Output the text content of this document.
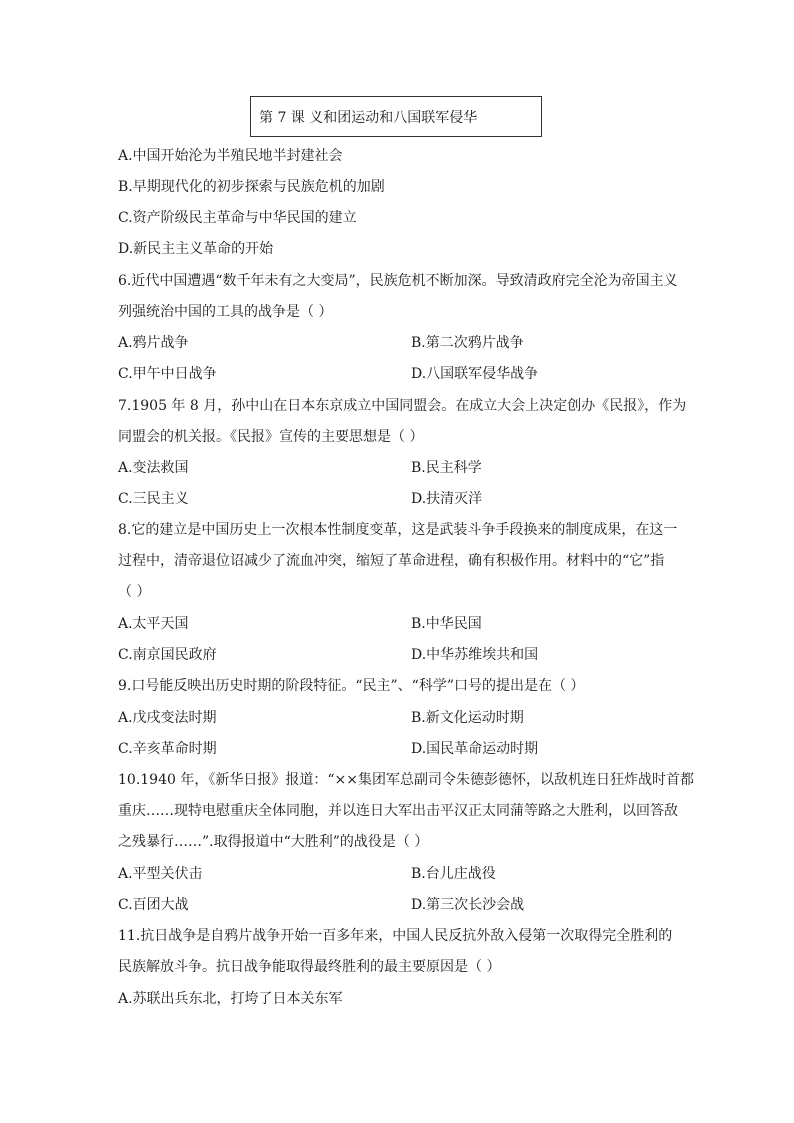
第 7 课 义和团运动和八国联军侵华
A.中国开始沦为半殖民地半封建社会
B.早期现代化的初步探索与民族危机的加剧
C.资产阶级民主革命与中华民国的建立
D.新民主主义革命的开始
6.近代中国遭遇“数千年未有之大变局”，民族危机不断加深。导致清政府完全沦为帝国主义
列强统治中国的工具的战争是（ ）
A.鸦片战争	B.第二次鸦片战争
C.甲午中日战争	D.八国联军侵华战争
7.1905 年 8 月，孙中山在日本东京成立中国同盟会。在成立大会上决定创办《民报》，作为
同盟会的机关报。《民报》宣传的主要思想是（ ）
A.变法救国	B.民主科学
C.三民主义	D.扶清灭洋
8.它的建立是中国历史上一次根本性制度变革，这是武装斗争手段换来的制度成果，在这一
过程中，清帝退位诏减少了流血冲突，缩短了革命进程，确有积极作用。材料中的“它”指
（ ）
A.太平天国	B.中华民国
C.南京国民政府	D.中华苏维埃共和国
9.口号能反映出历史时期的阶段特征。“民主”、“科学”口号的提出是在（ ）
A.戊戌变法时期	B.新文化运动时期
C.辛亥革命时期	D.国民革命运动时期
10.1940 年，《新华日报》报道：“××集团军总副司令朱德彭德怀，以敌机连日狂炸战时首都
重庆……现特电慰重庆全体同胞，并以连日大军出击平汉正太同蒲等路之大胜利，以回答敌
之残暴行……”.取得报道中“大胜利”的战役是（ ）
A.平型关伏击	B.台儿庄战役
C.百团大战	D.第三次长沙会战
11.抗日战争是自鸦片战争开始一百多年来，中国人民反抗外敌入侵第一次取得完全胜利的
民族解放斗争。抗日战争能取得最终胜利的最主要原因是（ ）
A.苏联出兵东北，打垮了日本关东军
